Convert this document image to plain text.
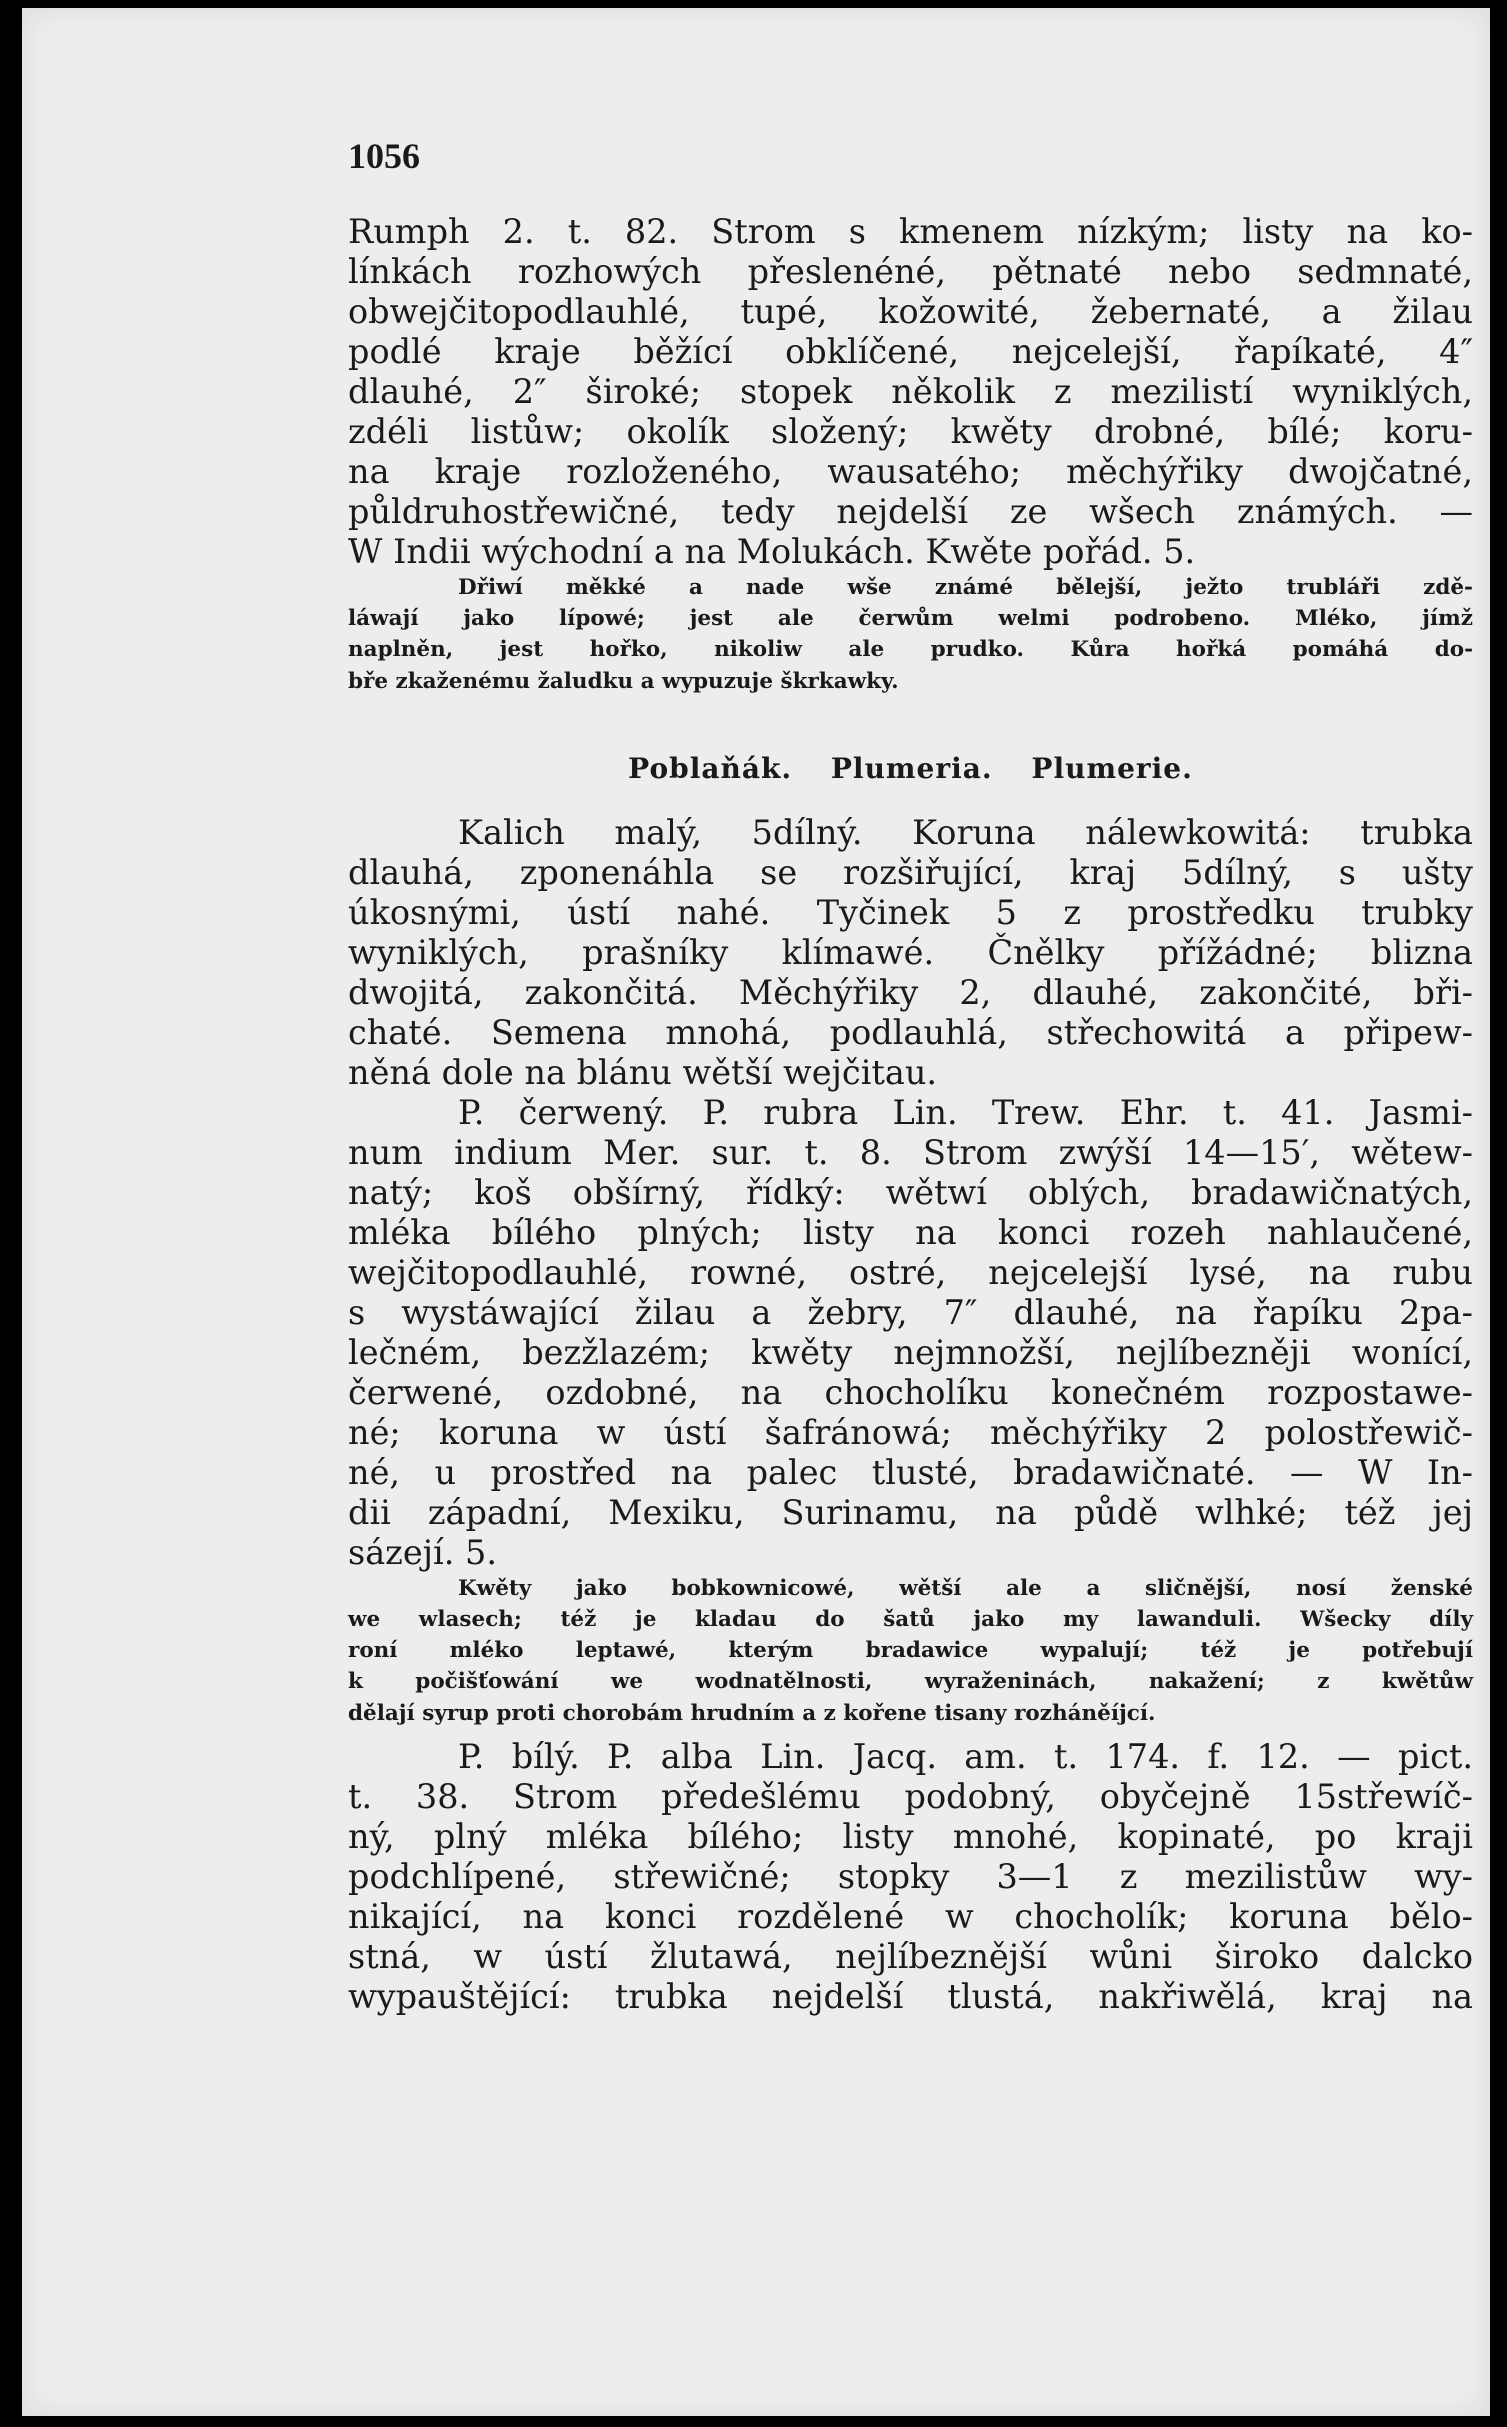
1056
Rumph 2. t. 82. Strom s kmenem nízkým; listy na ko-
línkách rozhowých přeslenéné, pětnaté nebo sedmnaté,
obwejčitopodlauhlé, tupé, kožowité, žebernaté, a žilau
podlé kraje běžící obklíčené, nejcelejší, řapíkaté, 4″
dlauhé, 2″ široké; stopek několik z mezilistí wyniklých,
zdéli listůw; okolík složený; kwěty drobné, bílé; koru-
na kraje rozloženého, wausatého; měchýřiky dwojčatné,
půldruhostřewičné, tedy nejdelší ze wšech známých. —
W Indii wýchodní a na Molukách. Kwěte pořád. 5.
Dřiwí měkké a nade wše známé bělejší, ježto trubláři zdě-
láwají jako lípowé; jest ale čerwům welmi podrobeno. Mléko, jímž
naplněn, jest hořko, nikoliw ale prudko. Kůra hořká pomáhá do-
bře zkaženému žaludku a wypuzuje škrkawky.
Poblaňák. Plumeria. Plumerie.
Kalich malý, 5dílný. Koruna nálewkowitá: trubka
dlauhá, zponenáhla se rozšiřující, kraj 5dílný, s ušty
úkosnými, ústí nahé. Tyčinek 5 z prostředku trubky
wyniklých, prašníky klímawé. Čnělky přížádné; blizna
dwojitá, zakončitá. Měchýřiky 2, dlauhé, zakončité, bři-
chaté. Semena mnohá, podlauhlá, střechowitá a připew-
něná dole na blánu wětší wejčitau.
P. čerwený. P. rubra Lin. Trew. Ehr. t. 41. Jasmi-
num indium Mer. sur. t. 8. Strom zwýší 14—15′, wětew-
natý; koš obšírný, řídký: wětwí oblých, bradawičnatých,
mléka bílého plných; listy na konci rozeh nahlaučené,
wejčitopodlauhlé, rowné, ostré, nejcelejší lysé, na rubu
s wystáwající žilau a žebry, 7″ dlauhé, na řapíku 2pa-
lečném, bezžlazém; kwěty nejmnožší, nejlíbezněji wonící,
čerwené, ozdobné, na chocholíku konečném rozpostawe-
né; koruna w ústí šafránowá; měchýřiky 2 polostřewič-
né, u prostřed na palec tlusté, bradawičnaté. — W In-
dii západní, Mexiku, Surinamu, na půdě wlhké; též jej
sázejí. 5.
Kwěty jako bobkownicowé, wětší ale a sličnější, nosí ženské
we wlasech; též je kladau do šatů jako my lawanduli. Wšecky díly
roní mléko leptawé, kterým bradawice wypalují; též je potřebují
k počišťowání we wodnatělnosti, wyraženinách, nakažení; z kwětůw
dělají syrup proti chorobám hrudním a z kořene tisany rozháněíjcí.
P. bílý. P. alba Lin. Jacq. am. t. 174. f. 12. — pict.
t. 38. Strom předešlému podobný, obyčejně 15střewíč-
ný, plný mléka bílého; listy mnohé, kopinaté, po kraji
podchlípené, střewičné; stopky 3—1 z mezilistůw wy-
nikající, na konci rozdělené w chocholík; koruna bělo-
stná, w ústí žlutawá, nejlíbeznější wůni široko dalcko
wypauštějící: trubka nejdelší tlustá, nakřiwělá, kraj na
